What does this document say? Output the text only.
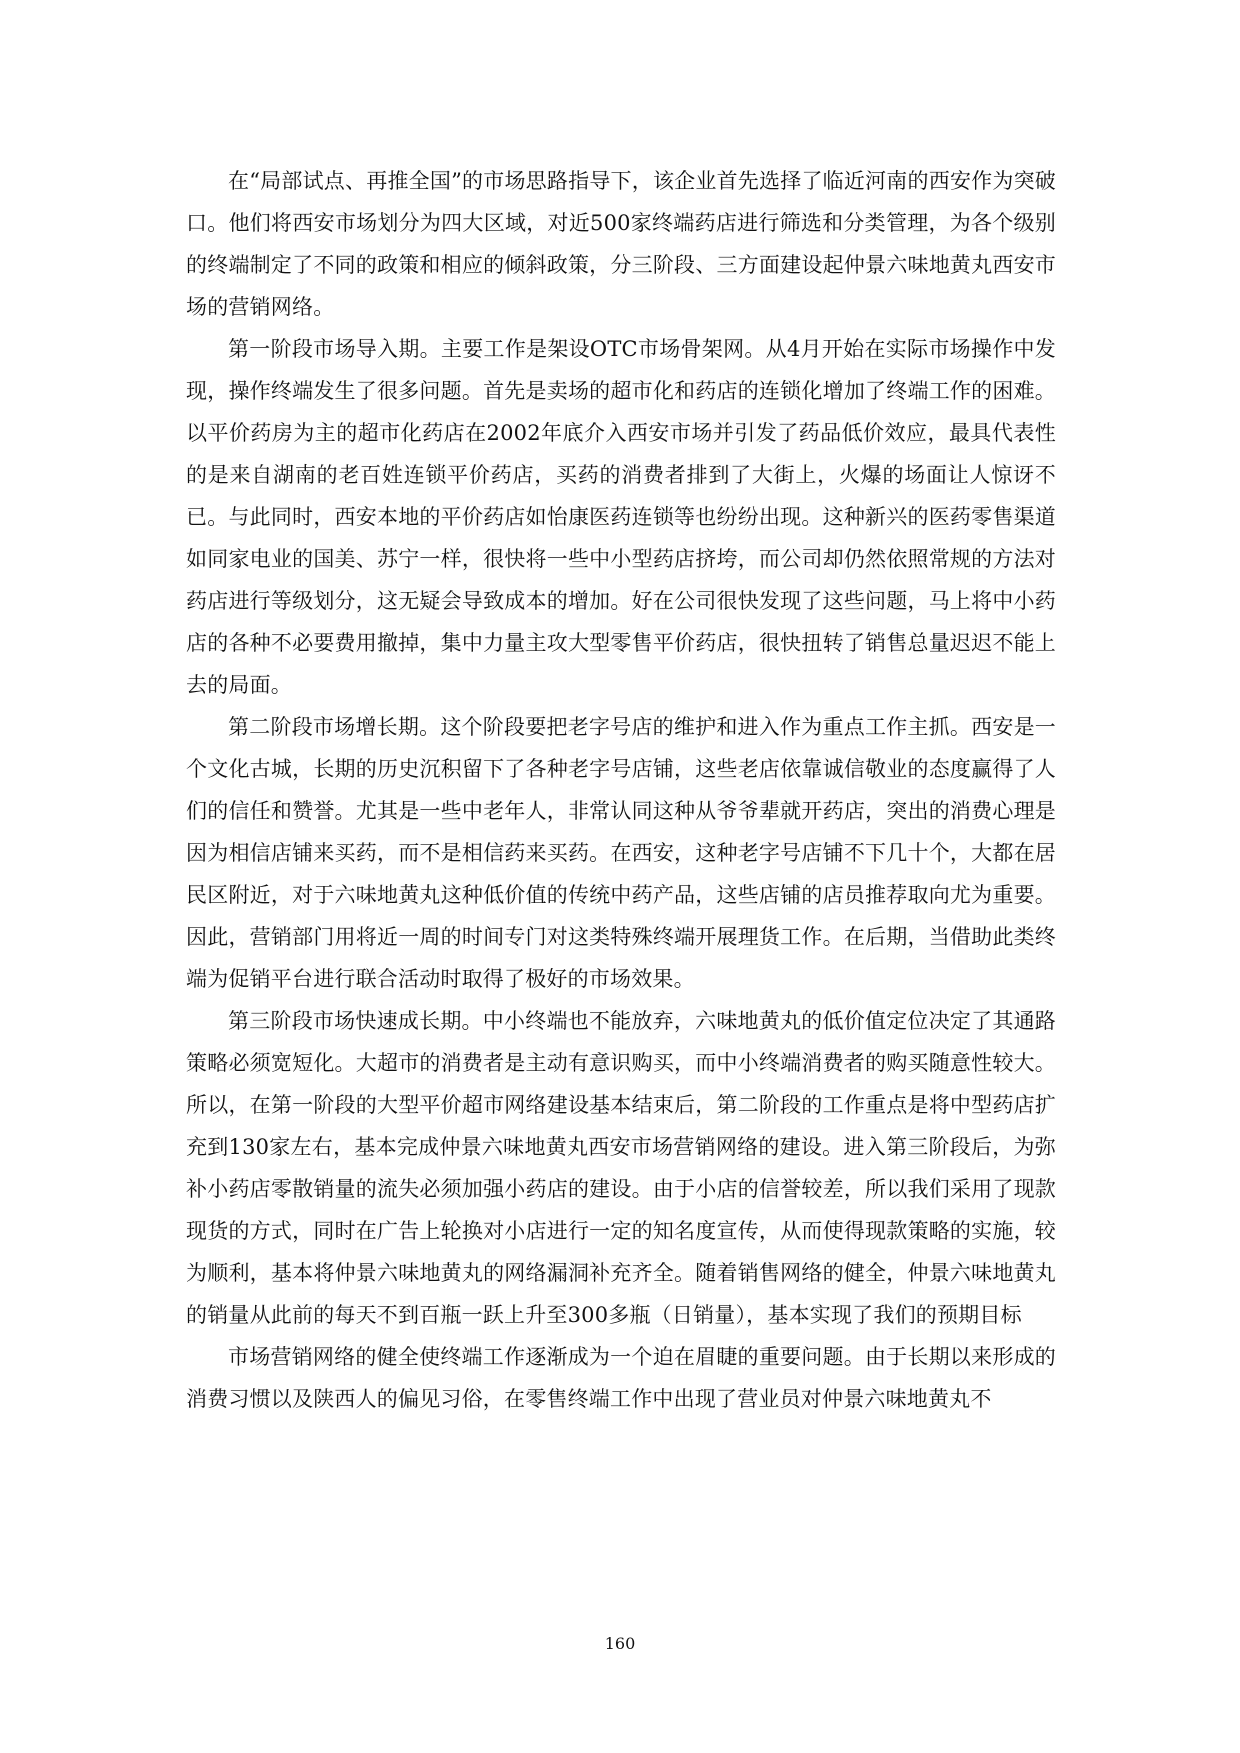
在“局部试点、再推全国”的市场思路指导下，该企业首先选择了临近河南的西安作为突破口。他们将西安市场划分为四大区域，对近500家终端药店进行筛选和分类管理，为各个级别的终端制定了不同的政策和相应的倾斜政策，分三阶段、三方面建设起仲景六味地黄丸西安市场的营销网络。

第一阶段市场导入期。主要工作是架设OTC市场骨架网。从4月开始在实际市场操作中发现，操作终端发生了很多问题。首先是卖场的超市化和药店的连锁化增加了终端工作的困难。以平价药房为主的超市化药店在2002年底介入西安市场并引发了药品低价效应，最具代表性的是来自湖南的老百姓连锁平价药店，买药的消费者排到了大街上，火爆的场面让人惊讶不已。与此同时，西安本地的平价药店如怡康医药连锁等也纷纷出现。这种新兴的医药零售渠道如同家电业的国美、苏宁一样，很快将一些中小型药店挤垮，而公司却仍然依照常规的方法对药店进行等级划分，这无疑会导致成本的增加。好在公司很快发现了这些问题，马上将中小药店的各种不必要费用撤掉，集中力量主攻大型零售平价药店，很快扭转了销售总量迟迟不能上去的局面。

第二阶段市场增长期。这个阶段要把老字号店的维护和进入作为重点工作主抓。西安是一个文化古城，长期的历史沉积留下了各种老字号店铺，这些老店依靠诚信敬业的态度赢得了人们的信任和赞誉。尤其是一些中老年人，非常认同这种从爷爷辈就开药店，突出的消费心理是因为相信店铺来买药，而不是相信药来买药。在西安，这种老字号店铺不下几十个，大都在居民区附近，对于六味地黄丸这种低价值的传统中药产品，这些店铺的店员推荐取向尤为重要。因此，营销部门用将近一周的时间专门对这类特殊终端开展理货工作。在后期，当借助此类终端为促销平台进行联合活动时取得了极好的市场效果。

第三阶段市场快速成长期。中小终端也不能放弃，六味地黄丸的低价值定位决定了其通路策略必须宽短化。大超市的消费者是主动有意识购买，而中小终端消费者的购买随意性较大。所以，在第一阶段的大型平价超市网络建设基本结束后，第二阶段的工作重点是将中型药店扩充到130家左右，基本完成仲景六味地黄丸西安市场营销网络的建设。进入第三阶段后，为弥补小药店零散销量的流失必须加强小药店的建设。由于小店的信誉较差，所以我们采用了现款现货的方式，同时在广告上轮换对小店进行一定的知名度宣传，从而使得现款策略的实施，较为顺利，基本将仲景六味地黄丸的网络漏洞补充齐全。随着销售网络的健全，仲景六味地黄丸的销量从此前的每天不到百瓶一跃上升至300多瓶（日销量），基本实现了我们的预期目标

市场营销网络的健全使终端工作逐渐成为一个迫在眉睫的重要问题。由于长期以来形成的消费习惯以及陕西人的偏见习俗，在零售终端工作中出现了营业员对仲景六味地黄丸不

160
